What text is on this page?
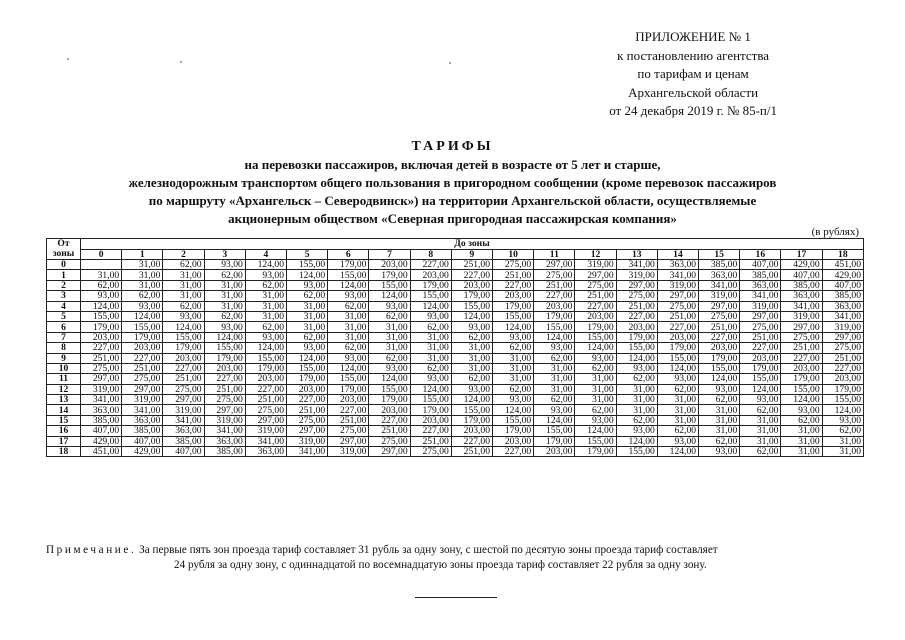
ПРИЛОЖЕНИЕ № 1
к постановлению агентства
по тарифам и ценам
Архангельской области
от 24 декабря 2019 г. № 85-п/1
ТАРИФЫ
на перевозки пассажиров, включая детей в возрасте от 5 лет и старше,
железнодорожным транспортом общего пользования в пригородном сообщении (кроме перевозок пассажиров
по маршруту «Архангельск – Северодвинск») на территории Архангельской области, осуществляемые
акционерным обществом «Северная пригородная пассажирская компания»
(в рублях)
От зоны	До зоны																		
	0	1	2	3	4	5	6	7	8	9	10	11	12	13	14	15	16	17	18
0		31,00	62,00	93,00	124,00	155,00	179,00	203,00	227,00	251,00	275,00	297,00	319,00	341,00	363,00	385,00	407,00	429,00	451,00
1	31,00	31,00	31,00	62,00	93,00	124,00	155,00	179,00	203,00	227,00	251,00	275,00	297,00	319,00	341,00	363,00	385,00	407,00	429,00
2	62,00	31,00	31,00	31,00	62,00	93,00	124,00	155,00	179,00	203,00	227,00	251,00	275,00	297,00	319,00	341,00	363,00	385,00	407,00
3	93,00	62,00	31,00	31,00	31,00	62,00	93,00	124,00	155,00	179,00	203,00	227,00	251,00	275,00	297,00	319,00	341,00	363,00	385,00
4	124,00	93,00	62,00	31,00	31,00	31,00	62,00	93,00	124,00	155,00	179,00	203,00	227,00	251,00	275,00	297,00	319,00	341,00	363,00
5	155,00	124,00	93,00	62,00	31,00	31,00	31,00	62,00	93,00	124,00	155,00	179,00	203,00	227,00	251,00	275,00	297,00	319,00	341,00
6	179,00	155,00	124,00	93,00	62,00	31,00	31,00	31,00	62,00	93,00	124,00	155,00	179,00	203,00	227,00	251,00	275,00	297,00	319,00
7	203,00	179,00	155,00	124,00	93,00	62,00	31,00	31,00	31,00	62,00	93,00	124,00	155,00	179,00	203,00	227,00	251,00	275,00	297,00
8	227,00	203,00	179,00	155,00	124,00	93,00	62,00	31,00	31,00	31,00	62,00	93,00	124,00	155,00	179,00	203,00	227,00	251,00	275,00
9	251,00	227,00	203,00	179,00	155,00	124,00	93,00	62,00	31,00	31,00	31,00	62,00	93,00	124,00	155,00	179,00	203,00	227,00	251,00
10	275,00	251,00	227,00	203,00	179,00	155,00	124,00	93,00	62,00	31,00	31,00	31,00	62,00	93,00	124,00	155,00	179,00	203,00	227,00
11	297,00	275,00	251,00	227,00	203,00	179,00	155,00	124,00	93,00	62,00	31,00	31,00	31,00	62,00	93,00	124,00	155,00	179,00	203,00
12	319,00	297,00	275,00	251,00	227,00	203,00	179,00	155,00	124,00	93,00	62,00	31,00	31,00	31,00	62,00	93,00	124,00	155,00	179,00
13	341,00	319,00	297,00	275,00	251,00	227,00	203,00	179,00	155,00	124,00	93,00	62,00	31,00	31,00	31,00	62,00	93,00	124,00	155,00
14	363,00	341,00	319,00	297,00	275,00	251,00	227,00	203,00	179,00	155,00	124,00	93,00	62,00	31,00	31,00	31,00	62,00	93,00	124,00
15	385,00	363,00	341,00	319,00	297,00	275,00	251,00	227,00	203,00	179,00	155,00	124,00	93,00	62,00	31,00	31,00	31,00	62,00	93,00
16	407,00	385,00	363,00	341,00	319,00	297,00	275,00	251,00	227,00	203,00	179,00	155,00	124,00	93,00	62,00	31,00	31,00	31,00	62,00
17	429,00	407,00	385,00	363,00	341,00	319,00	297,00	275,00	251,00	227,00	203,00	179,00	155,00	124,00	93,00	62,00	31,00	31,00	31,00
18	451,00	429,00	407,00	385,00	363,00	341,00	319,00	297,00	275,00	251,00	227,00	203,00	179,00	155,00	124,00	93,00	62,00	31,00	31,00
Примечание. За первые пять зон проезда тариф составляет 31 рубль за одну зону, с шестой по десятую зоны проезда тариф составляет
24 рубля за одну зону, с одиннадцатой по восемнадцатую зоны проезда тариф составляет 22 рубля за одну зону.
